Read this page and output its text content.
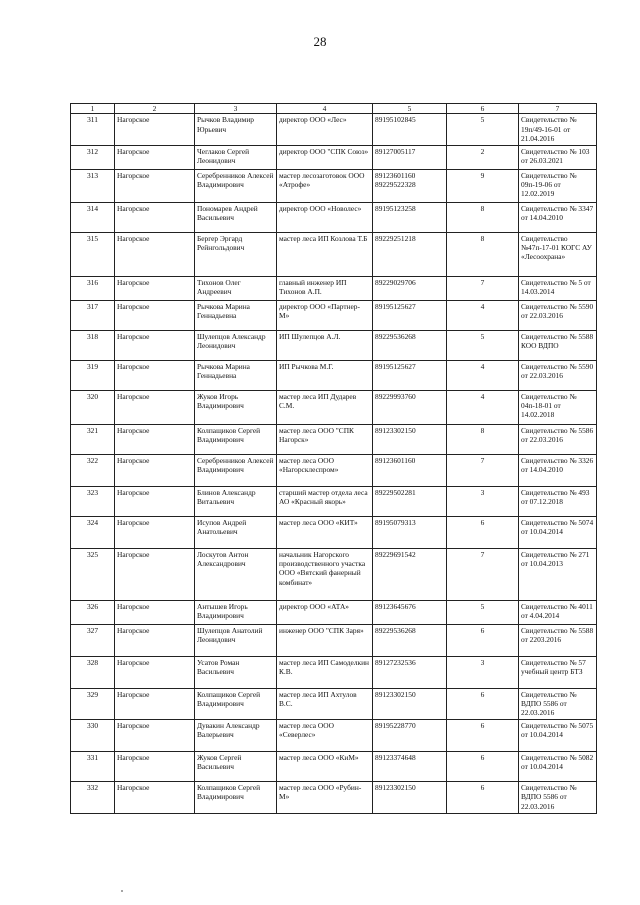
28
1	2	3	4	5	6	7
311	Нагорское	Рычков Владимир Юрьевич	директор ООО «Лес»	89195102845	5	Свидетельство № 19п/49-16-01 от 21.04.2016
312	Нагорское	Чеглаков Сергей Леонидович	директор ООО "СПК Союз»	89127005117	2	Свидетельство № 103 от 26.03.2021
313	Нагорское	Серебренников Алексей Владимирович	мастер лесозаготовок ООО «Атрофе»	89123601160 89229522328	9	Свидетельство № 09п-19-06 от 12.02.2019
314	Нагорское	Пономарев Андрей Васильевич	директор ООО «Новолес»	89195123258	8	Свидетельство № 3347 от 14.04.2010
315	Нагорское	Бергер Эргард Рейнгольдович	мастер леса ИП Козлова Т.Б	89229251218	8	Свидетельство №47п-17-01 КОГС АУ «Лесоохрана»
316	Нагорское	Тихонов Олег Андреевич	главный инженер ИП Тихонов А.П.	89229029706	7	Свидетельство № 5 от 14.03.2014
317	Нагорское	Рычкова Марина Геннадьевна	директор ООО «Партнер-М»	89195125627	4	Свидетельство № 5590 от 22.03.2016
318	Нагорское	Шулепцов Александр Леонидович	ИП Шулепцов А.Л.	89229536268	5	Свидетельство № 5588 КОО ВДПО
319	Нагорское	Рычкова Марина Геннадьевна	ИП Рычкова М.Г.	89195125627	4	Свидетельство № 5590 от 22.03.2016
320	Нагорское	Жуков Игорь Владимирович	мастер леса ИП Дударев С.М.	89229993760	4	Свидетельство № 04п-18-01 от 14.02.2018
321	Нагорское	Колпащиков Сергей Владимирович	мастер леса ООО "СПК Нагорск»	89123302150	8	Свидетельство № 5586 от 22.03.2016
322	Нагорское	Серебренников Алексей Владимирович	мастер леса ООО «Нагорсклеспром»	89123601160	7	Свидетельство № 3326 от 14.04.2010
323	Нагорское	Блинов Александр Витальевич	старший мастер отдела леса АО «Красный якорь»	89229502281	3	Свидетельство № 493 от 07.12.2018
324	Нагорское	Исупов Андрей Анатольевич	мастер леса ООО «КИТ»	89195079313	6	Свидетельство № 5074 от 10.04.2014
325	Нагорское	Лоскутов Антон Александрович	начальник Нагорского производственного участка ООО «Вятский фанерный комбинат»	89229691542	7	Свидетельство № 271 от 10.04.2013
326	Нагорское	Антышев Игорь Владимирович	директор ООО «АТА»	89123645676	5	Свидетельство № 4011 от 4.04.2014
327	Нагорское	Шулепцов Анатолий Леонидович	инженер ООО "СПК Заря»	89229536268	6	Свидетельство № 5588 от 2203.2016
328	Нагорское	Усатов Роман Васильевич	мастер леса ИП Самоделкин К.В.	89127232536	3	Свидетельство № 57 учебный центр БТЗ
329	Нагорское	Колпащиков Сергей Владимирович	мастер леса ИП Ахтулов В.С.	89123302150	6	Свидетельство № ВДПО 5586 от 22.03.2016
330	Нагорское	Дувакин Александр Валерьевич	мастер леса ООО «Северлес»	89195228770	6	Свидетельство № 5075 от 10.04.2014
331	Нагорское	Жуков Сергей Васильевич	мастер леса ООО «КиМ»	89123374648	6	Свидетельство № 5082 от 10.04.2014
332	Нагорское	Колпащиков Сергей Владимирович	мастер леса ООО «Рубин-М»	89123302150	6	Свидетельство № ВДПО 5586 от 22.03.2016
